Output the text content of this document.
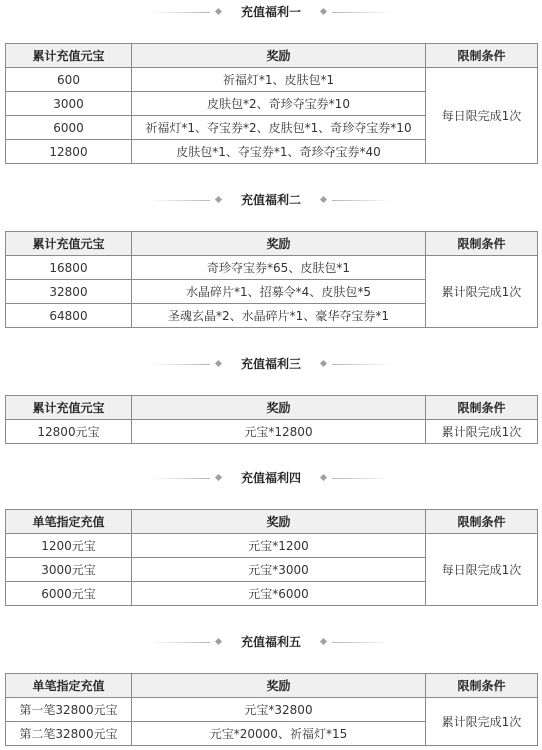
充值福利一
累计充值元宝	奖励	限制条件
600	祈福灯*1、皮肤包*1	每日限完成1次
3000	皮肤包*2、奇珍夺宝券*10	
6000	祈福灯*1、夺宝券*2、皮肤包*1、奇珍夺宝券*10	
12800	皮肤包*1、夺宝券*1、奇珍夺宝券*40	
充值福利二
累计充值元宝	奖励	限制条件
16800	奇珍夺宝券*65、皮肤包*1	累计限完成1次
32800	水晶碎片*1、招募令*4、皮肤包*5	
64800	圣魂玄晶*2、水晶碎片*1、豪华夺宝券*1	
充值福利三
累计充值元宝	奖励	限制条件
12800元宝	元宝*12800	累计限完成1次
充值福利四
单笔指定充值	奖励	限制条件
1200元宝	元宝*1200	每日限完成1次
3000元宝	元宝*3000	
6000元宝	元宝*6000	
充值福利五
单笔指定充值	奖励	限制条件
第一笔32800元宝	元宝*32800	累计限完成1次
第二笔32800元宝	元宝*20000、祈福灯*15	
